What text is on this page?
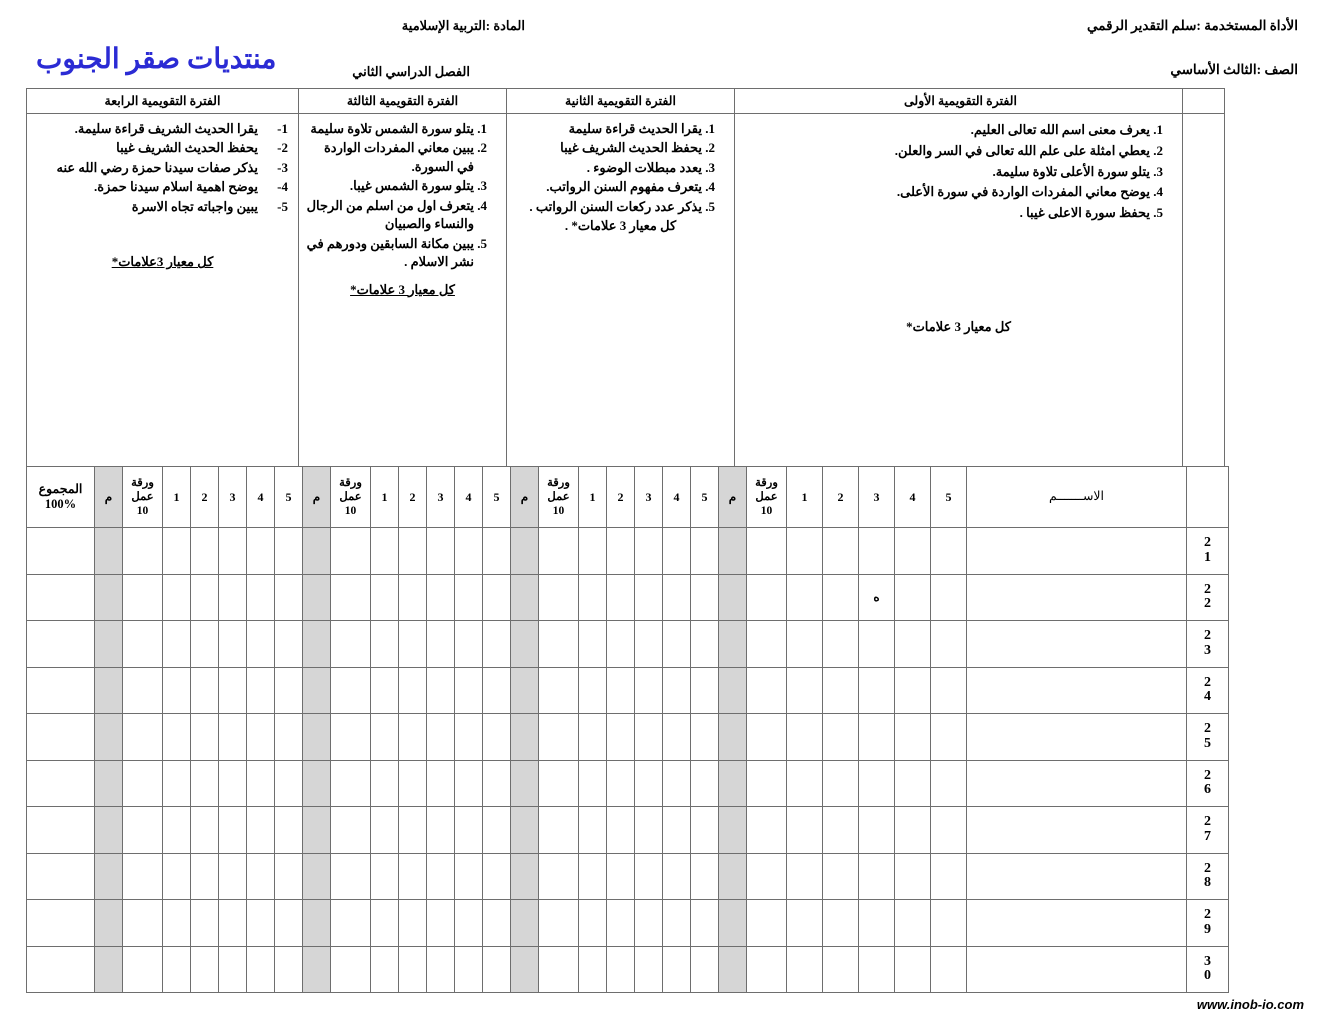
الأداة المستخدمة :سلم التقدير الرقمي
الصف :الثالث الأساسي
المادة :التربية الإسلامية
الفصل الدراسي الثاني
منتديات صقر الجنوب
	الفترة التقويمية الأولى	الفترة التقويمية الثانية	الفترة التقويمية الثالثة	الفترة التقويمية الرابعة

1. يعرف معنى اسم الله تعالى العليم.
2. يعطي امثلة على علم الله تعالى في السر والعلن.
3. يتلو سورة الأعلى تلاوة سليمة.
4. يوضح معاني المفردات الواردة في سورة الأعلى.
5. يحفظ سورة الاعلى غيبا .
كل معيار 3 علامات*

1. يقرا الحديث قراءة سليمة
2. يحفظ الحديث الشريف غيبا
3. يعدد مبطلات الوضوء .
4. يتعرف مفهوم السنن الرواتب.
5. يذكر عدد ركعات السنن الرواتب .
كل معيار 3 علامات* .

1. يتلو سورة الشمس تلاوة سليمة
2. يبين معاني المفردات الواردة في السورة.
3. يتلو سورة الشمس غيبا.
4. يتعرف اول من اسلم من الرجال والنساء والصبيان
5. يبين مكانة السابقين ودورهم في نشر الاسلام .
كل معيار 3 علامات*

1-
يقرا الحديث الشريف قراءة سليمة.
2-
يحفظ الحديث الشريف غيبا
3-
يذكر صفات سيدنا حمزة رضي الله عنه
4-
يوضح اهمية اسلام سيدنا حمزة.
5-
يبين واجباته تجاه الاسرة
كل معيار 3علامات*
	الاســـــــم	5	4	3	2	1	ورقة
عمل
10	م	5	4	3	2	1	ورقة
عمل
10	م	5	4	3	2	1	ورقة
عمل
10	م	5	4	3	2	1	ورقة
عمل
10	م	المجموع
100%

2
1																														

2
2				ه																										

2
3																														

2
4																														

2
5																														

2
6																														

2
7																														

2
8																														

2
9																														

3
0																														

www.inob-io.com
